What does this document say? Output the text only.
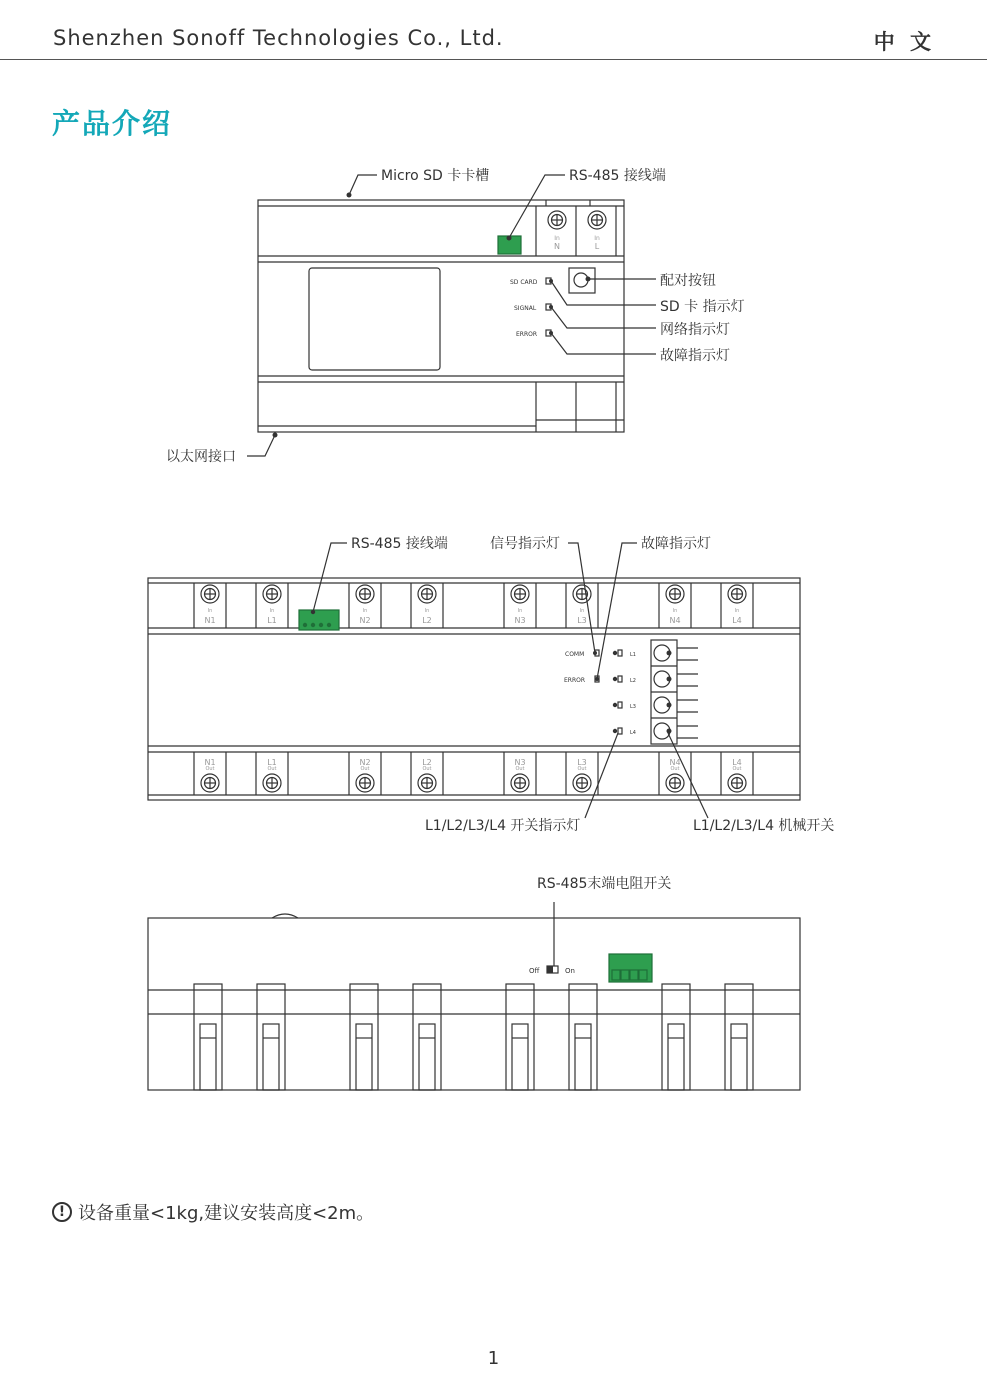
Shenzhen Sonoff Technologies Co., Ltd.	中 文
产品介绍
Micro SD 卡卡槽	RS-485 接线端
配对按钮
SD 卡 指示灯
网络指示灯
故障指示灯
以太网接口
RS-485 接线端	信号指示灯	故障指示灯
L1/L2/L3/L4 开关指示灯	L1/L2/L3/L4 机械开关
RS-485末端电阻开关
SD CARD
SIGNAL
ERROR
COMM
ERROR
In	In
N	L
In	In	In	In	In	In	In	In
Out	Out	Out	Out	Out	Out	Out	Out
N1	L1	N2	L2	N3	L3	N4	L4
N1	L1	N2	L2	N3	L3	N4	L4
L1
L2
L3
L4
Off	On
! 设备重量<1kg,建议安装高度<2m。
1
